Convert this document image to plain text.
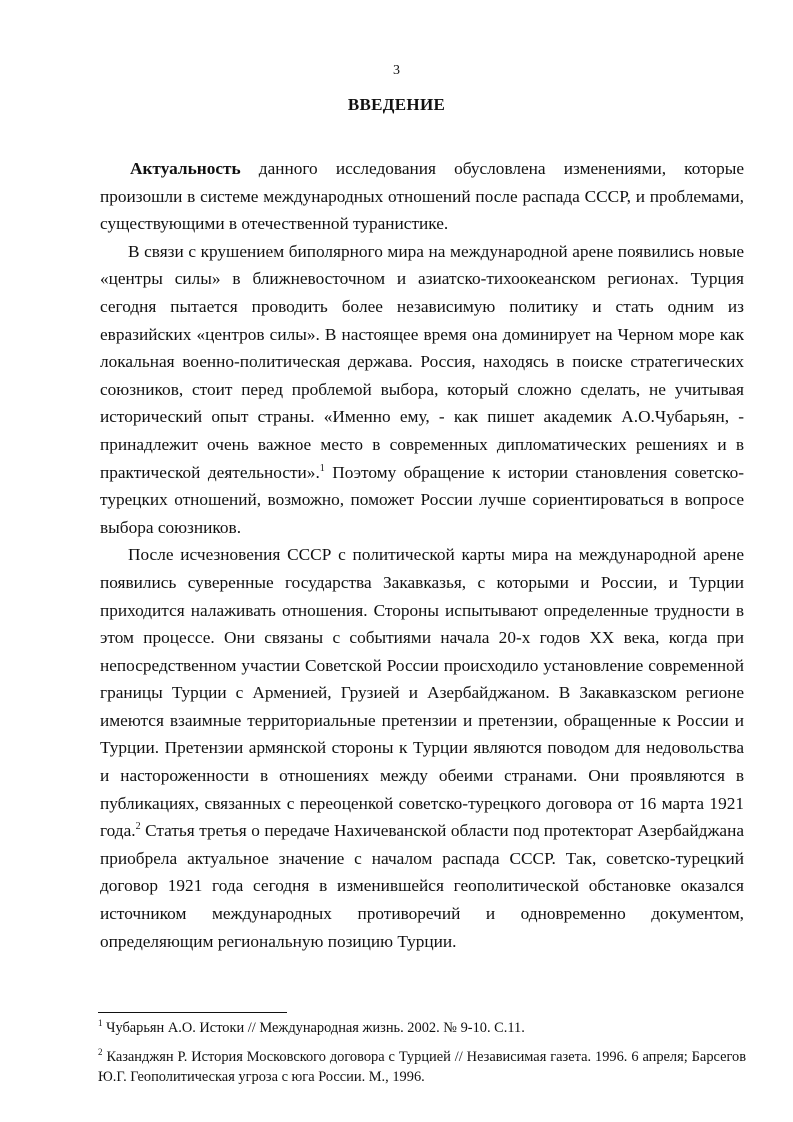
3
ВВЕДЕНИЕ

Актуальность данного исследования обусловлена изменениями, которые произошли в системе международных отношений после распада СССР, и проблемами, существующими в отечественной туранистике.

В связи с крушением биполярного мира на международной арене появились новые «центры силы» в ближневосточном и азиатско-тихоокеанском регионах. Турция сегодня пытается проводить более независимую политику и стать одним из евразийских «центров силы». В настоящее время она доминирует на Черном море как локальная военно-политическая держава. Россия, находясь в поиске стратегических союзников, стоит перед проблемой выбора, который сложно сделать, не учитывая исторический опыт страны. «Именно ему, - как пишет академик А.О.Чубарьян, - принадлежит очень важное место в современных дипломатических решениях и в практической деятельности».$^1$ Поэтому обращение к истории становления советско-турецких отношений, возможно, поможет России лучше сориентироваться в вопросе выбора союзников.

После исчезновения СССР с политической карты мира на международной арене появились суверенные государства Закавказья, с которыми и России, и Турции приходится налаживать отношения. Стороны испытывают определенные трудности в этом процессе. Они связаны с событиями начала 20-х годов XX века, когда при непосредственном участии Советской России происходило установление современной границы Турции с Арменией, Грузией и Азербайджаном. В Закавказском регионе имеются взаимные территориальные претензии и претензии, обращенные к России и Турции. Претензии армянской стороны к Турции являются поводом для недовольства и настороженности в отношениях между обеими странами. Они проявляются в публикациях, связанных с переоценкой советско-турецкого договора от 16 марта 1921 года.$^2$ Статья третья о передаче Нахичеванской области под протекторат Азербайджана приобрела актуальное значение с началом распада СССР. Так, советско-турецкий договор 1921 года сегодня в изменившейся геополитической обстановке оказался источником международных противоречий и одновременно документом, определяющим региональную позицию Турции.

$^1$ Чубарьян А.О. Истоки // Международная жизнь. 2002. № 9-10. С.11.

$^2$ Казанджян Р. История Московского договора с Турцией // Независимая газета. 1996. 6 апреля; Барсегов Ю.Г. Геополитическая угроза с юга России. М., 1996.
